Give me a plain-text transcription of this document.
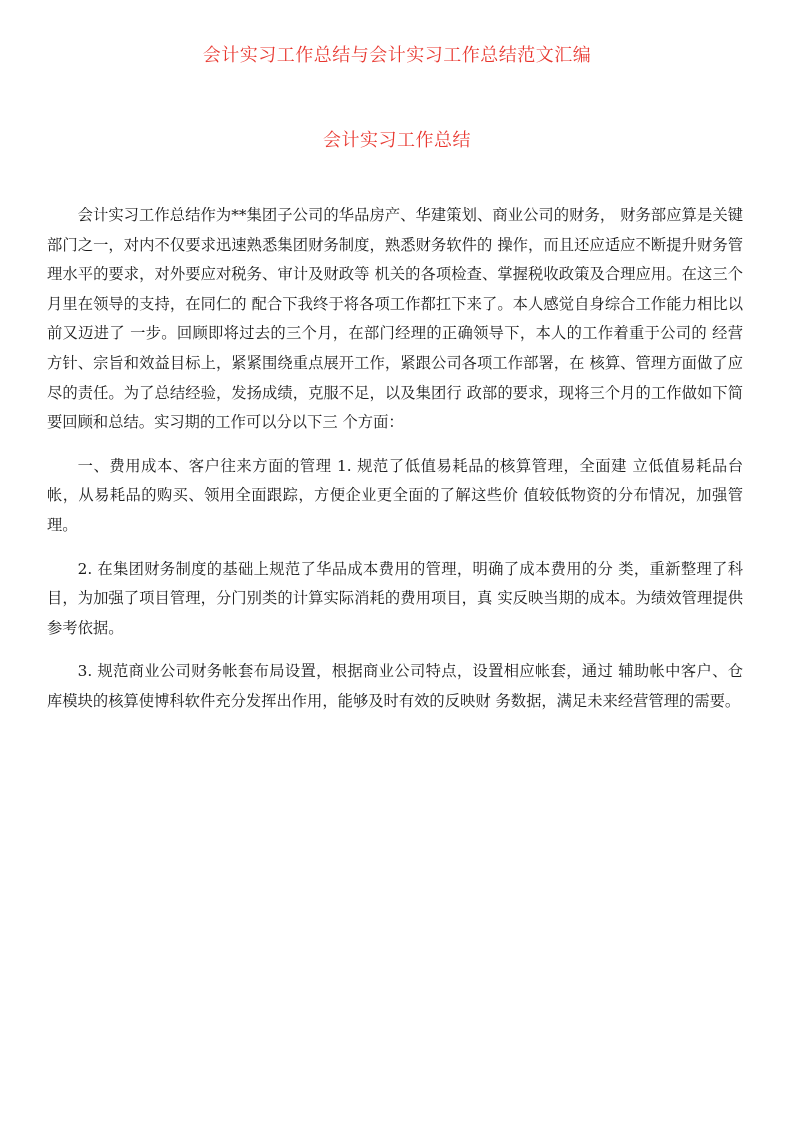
会计实习工作总结与会计实习工作总结范文汇编
会计实习工作总结

会计实习工作总结作为**集团子公司的华品房产、华建策划、商业公司的财务， 财务部应算是关键部门之一，对内不仅要求迅速熟悉集团财务制度，熟悉财务软件的 操作，而且还应适应不断提升财务管理水平的要求，对外要应对税务、审计及财政等 机关的各项检查、掌握税收政策及合理应用。在这三个月里在领导的支持，在同仁的 配合下我终于将各项工作都扛下来了。本人感觉自身综合工作能力相比以前又迈进了 一步。回顾即将过去的三个月，在部门经理的正确领导下，本人的工作着重于公司的 经营方针、宗旨和效益目标上，紧紧围绕重点展开工作，紧跟公司各项工作部署，在 核算、管理方面做了应尽的责任。为了总结经验，发扬成绩，克服不足，以及集团行 政部的要求，现将三个月的工作做如下简要回顾和总结。实习期的工作可以分以下三 个方面：

一、费用成本、客户往来方面的管理 1. 规范了低值易耗品的核算管理，全面建 立低值易耗品台帐，从易耗品的购买、领用全面跟踪，方便企业更全面的了解这些价 值较低物资的分布情况，加强管理。

2. 在集团财务制度的基础上规范了华品成本费用的管理，明确了成本费用的分 类，重新整理了科目，为加强了项目管理，分门别类的计算实际消耗的费用项目，真 实反映当期的成本。为绩效管理提供参考依据。

3. 规范商业公司财务帐套布局设置，根据商业公司特点，设置相应帐套，通过 辅助帐中客户、仓库模块的核算使博科软件充分发挥出作用，能够及时有效的反映财 务数据，满足未来经营管理的需要。
